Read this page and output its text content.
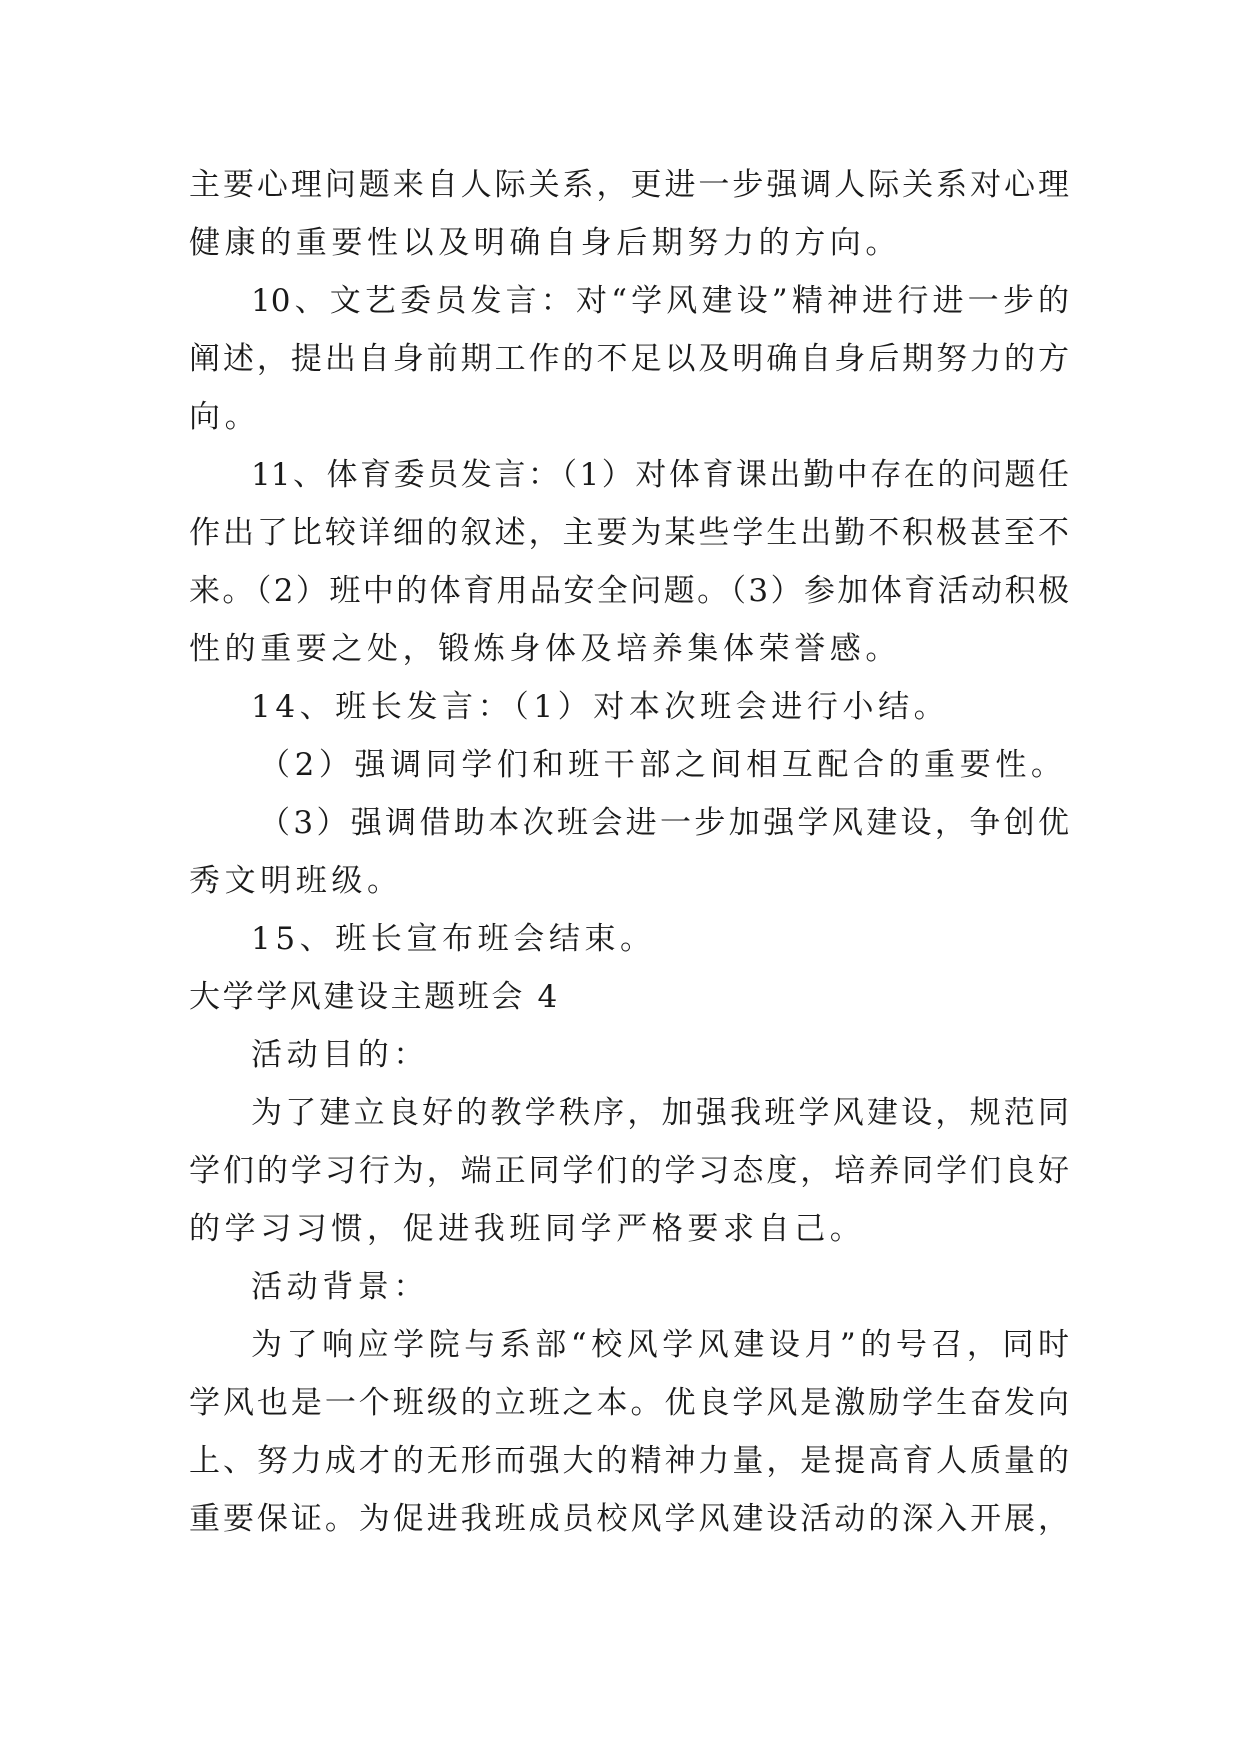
主要心理问题来自人际关系，更进一步强调人际关系对心理
健康的重要性以及明确自身后期努力的方向。
10、文艺委员发言：对“学风建设”精神进行进一步的
阐述，提出自身前期工作的不足以及明确自身后期努力的方
向。
11、体育委员发言：（1）对体育课出勤中存在的问题任
作出了比较详细的叙述，主要为某些学生出勤不积极甚至不
来。（2）班中的体育用品安全问题。（3）参加体育活动积极
性的重要之处，锻炼身体及培养集体荣誉感。
14、班长发言：（1）对本次班会进行小结。
（2）强调同学们和班干部之间相互配合的重要性。
（3）强调借助本次班会进一步加强学风建设，争创优
秀文明班级。
15、班长宣布班会结束。
大学学风建设主题班会 4
活动目的：
为了建立良好的教学秩序，加强我班学风建设，规范同
学们的学习行为，端正同学们的学习态度，培养同学们良好
的学习习惯，促进我班同学严格要求自己。
活动背景：
为了响应学院与系部“校风学风建设月”的号召，同时
学风也是一个班级的立班之本。优良学风是激励学生奋发向
上、努力成才的无形而强大的精神力量，是提高育人质量的
重要保证。为促进我班成员校风学风建设活动的深入开展，
